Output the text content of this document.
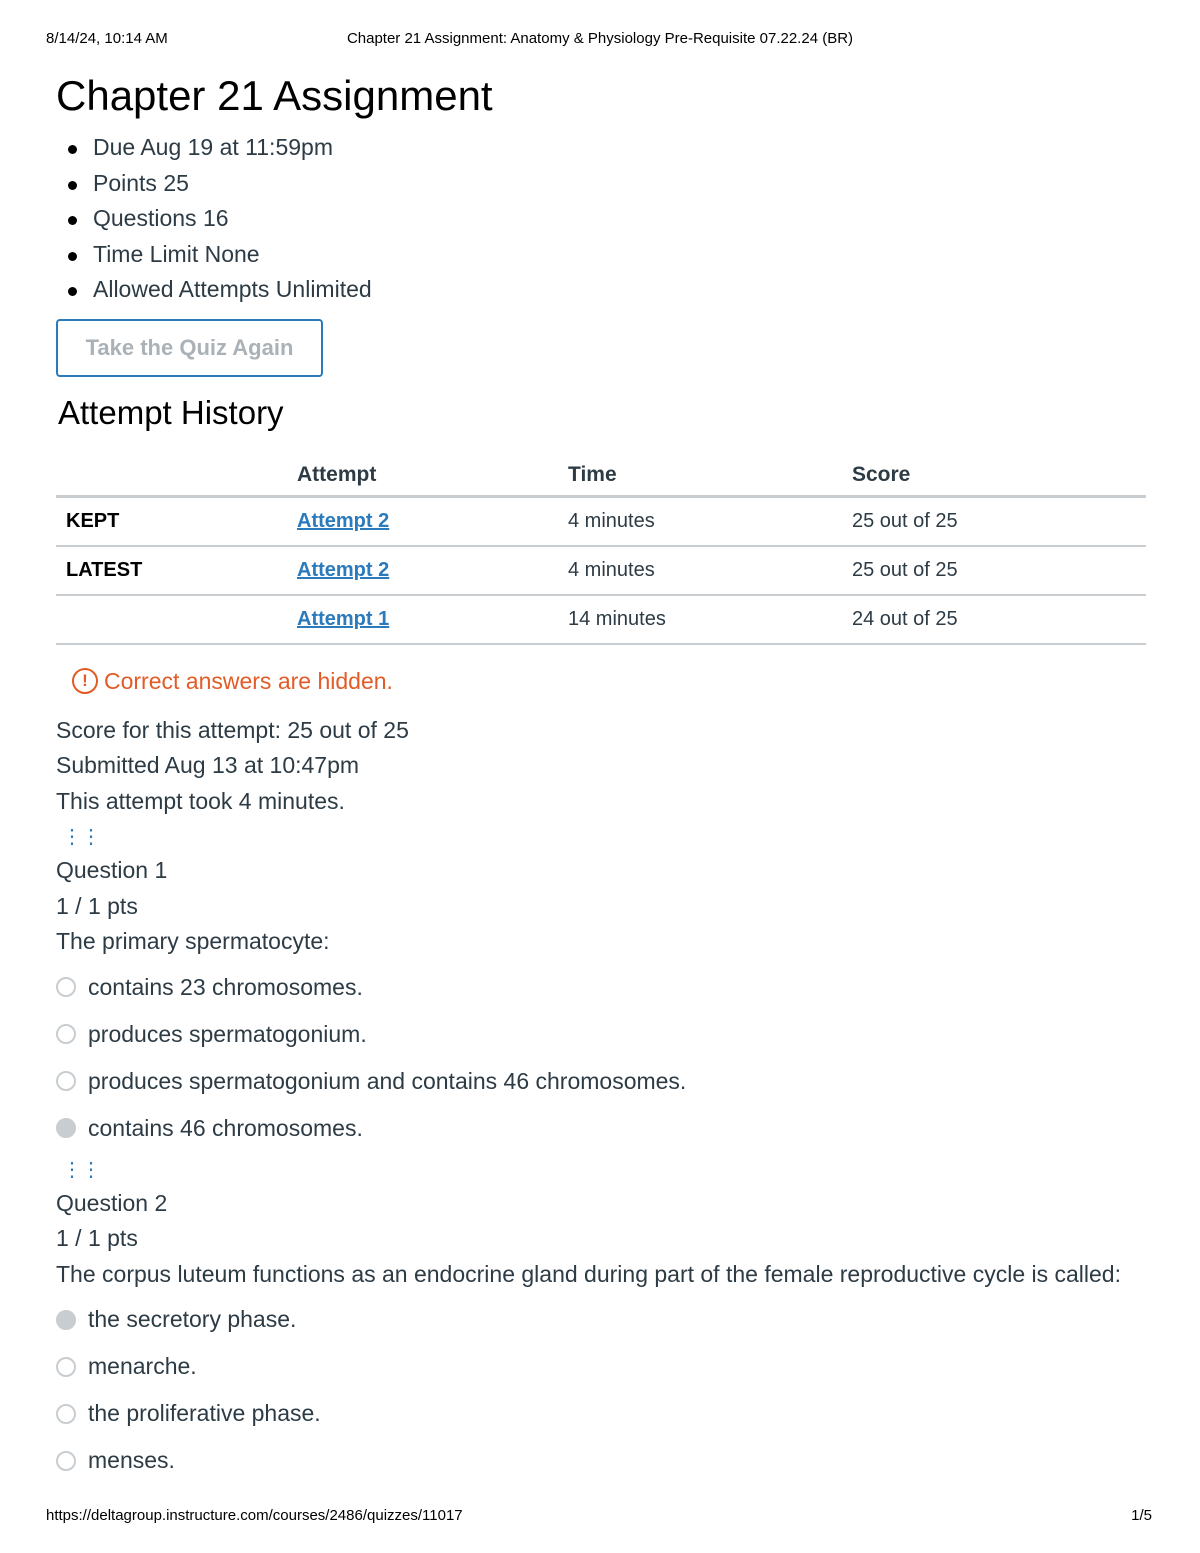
8/14/24, 10:14 AM	Chapter 21 Assignment: Anatomy & Physiology Pre-Requisite 07.22.24 (BR)
Chapter 21 Assignment
Due Aug 19 at 11:59pm
Points 25
Questions 16
Time Limit None
Allowed Attempts Unlimited
Take the Quiz Again
Attempt History
	Attempt	Time	Score
KEPT	Attempt 2	4 minutes	25 out of 25
LATEST	Attempt 2	4 minutes	25 out of 25
	Attempt 1	14 minutes	24 out of 25
! Correct answers are hidden.
Score for this attempt: 25 out of 25
Submitted Aug 13 at 10:47pm
This attempt took 4 minutes.
⋮⋮
Question 1
1 / 1 pts
The primary spermatocyte:
contains 23 chromosomes.
produces spermatogonium.
produces spermatogonium and contains 46 chromosomes.
contains 46 chromosomes.
⋮⋮
Question 2
1 / 1 pts
The corpus luteum functions as an endocrine gland during part of the female reproductive cycle is called:
the secretory phase.
menarche.
the proliferative phase.
menses.
https://deltagroup.instructure.com/courses/2486/quizzes/11017	1/5
